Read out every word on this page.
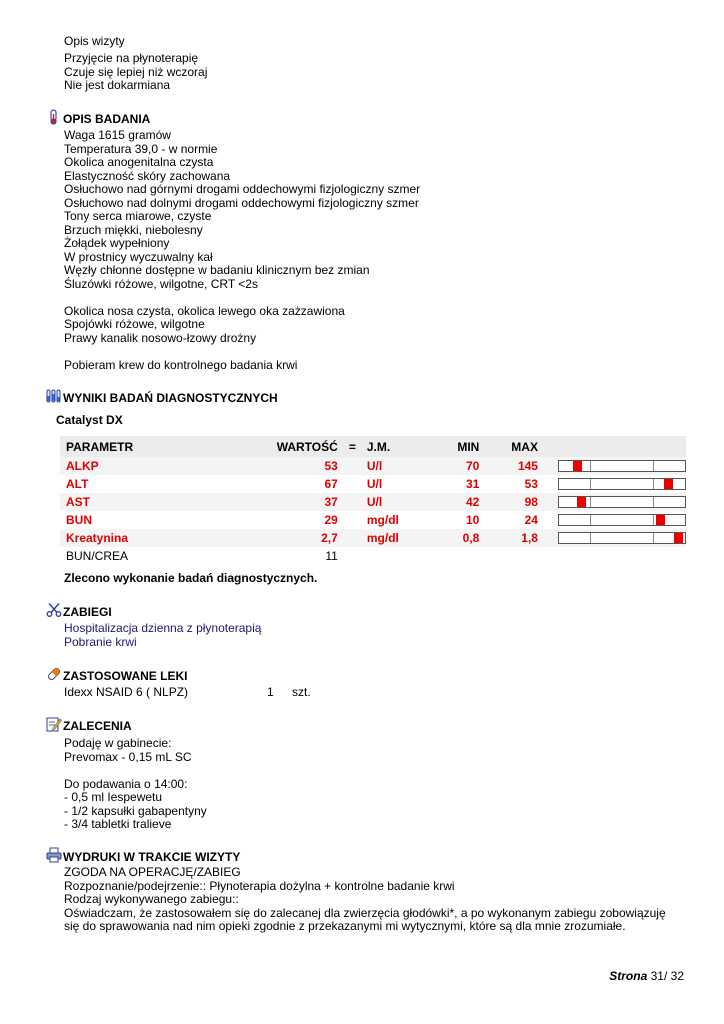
Opis wizyty
Przyjęcie na płynoterapię
Czuje się lepiej niż wczoraj
Nie jest dokarmiana
OPIS BADANIA
Waga 1615 gramów
Temperatura 39,0 - w normie
Okolica anogenitalna czysta
Elastyczność skóry zachowana
Osłuchowo nad górnymi drogami oddechowymi fizjologiczny szmer
Osłuchowo nad dolnymi drogami oddechowymi fizjologiczny szmer
Tony serca miarowe, czyste
Brzuch miękki, niebolesny
Żołądek wypełniony
W prostnicy wyczuwalny kał
Węzły chłonne dostępne w badaniu klinicznym bez zmian
Śluzówki różowe, wilgotne, CRT <2s
Okolica nosa czysta, okolica lewego oka zażzawiona
Spojówki różowe, wilgotne
Prawy kanalik nosowo-łzowy drożny
Pobieram krew do kontrolnego badania krwi
WYNIKI BADAŃ DIAGNOSTYCZNYCH
Catalyst DX
PARAMETR	WARTOŚĆ	=	J.M.	MIN	MAX	
ALKP	53		U/l	70	145	

ALT	67		U/l	31	53	

AST	37		U/l	42	98	

BUN	29		mg/dl	10	24	

Kreatynina	2,7		mg/dl	0,8	1,8	

BUN/CREA	11					
Zlecono wykonanie badań diagnostycznych.
ZABIEGI
Hospitalizacja dzienna z płynoterapią
Pobranie krwi
ZASTOSOWANE LEKI
Idexx NSAID 6 ( NLPZ)	1 szt.
ZALECENIA
Podaję w gabinecie:
Prevomax - 0,15 mL SC
Do podawania o 14:00:
- 0,5 ml Iespewetu
- 1/2 kapsułki gabapentyny
- 3/4 tabletki tralieve
WYDRUKI W TRAKCIE WIZYTY
ZGODA NA OPERACJĘ/ZABIEG
Rozpoznanie/podejrzenie:: Płynoterapia dożylna + kontrolne badanie krwi
Rodzaj wykonywanego zabiegu::
Oświadczam, że zastosowałem się do zalecanej dla zwierzęcia głodówki*, a po wykonanym zabiegu zobowiązuję
się do sprawowania nad nim opieki zgodnie z przekazanymi mi wytycznymi, które są dla mnie zrozumiałe.
Strona 31/ 32
